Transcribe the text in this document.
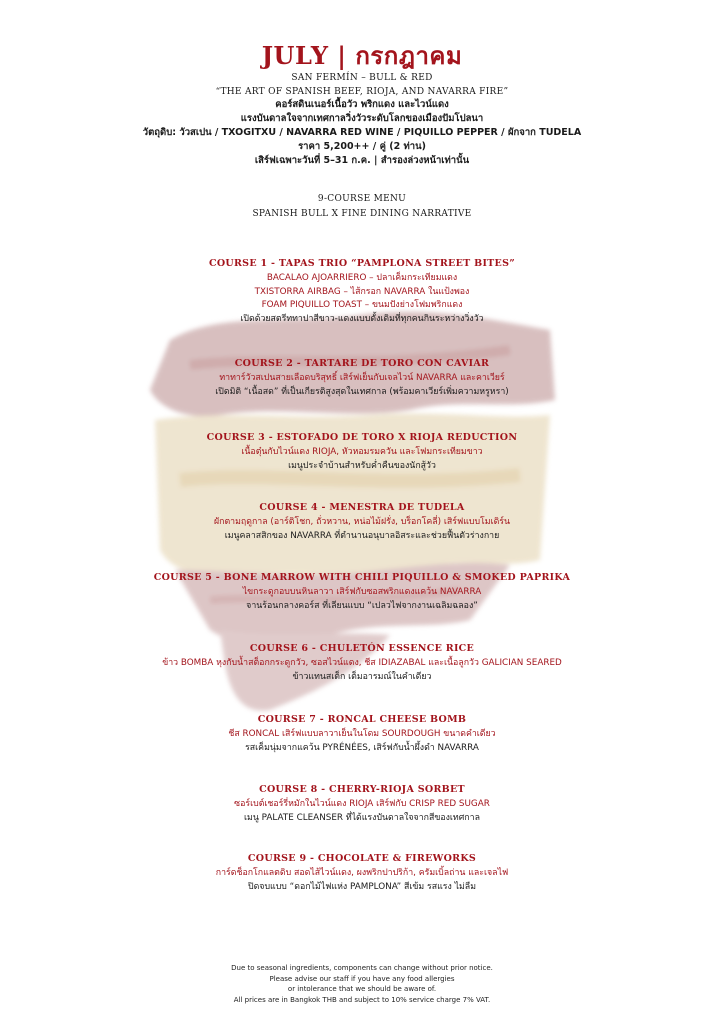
JULY | กรกฎาคม
SAN FERMÍN – BULL & RED
“THE ART OF SPANISH BEEF, RIOJA, AND NAVARRA FIRE”
คอร์สดินเนอร์เนื้อวัว พริกแดง และไวน์แดง
แรงบันดาลใจจากเทศกาลวิ่งวัวระดับโลกของเมืองปัมโปลนา
วัตถุดิบ: วัวสเปน / TXOGITXU / NAVARRA RED WINE / PIQUILLO PEPPER / ผักจาก TUDELA
ราคา 5,200++ / คู่ (2 ท่าน)
เสิร์ฟเฉพาะวันที่ 5–31 ก.ค. | สำรองล่วงหน้าเท่านั้น
9-COURSE MENU
SPANISH BULL X FINE DINING NARRATIVE
COURSE 1 - TAPAS TRIO “PAMPLONA STREET BITES”
BACALAO AJOARRIERO – ปลาเค็มกระเทียมแดง
TXISTORRA AIRBAG – ไส้กรอก NAVARRA ในแป้งพอง
FOAM PIQUILLO TOAST – ขนมปังย่างโฟมพริกแดง
เปิดด้วยสตรีททาปาสีขาว-แดงแบบดั้งเดิมที่ทุกคนกินระหว่างวิ่งวัว
COURSE 2 - TARTARE DE TORO CON CAVIAR
ทาทาร์วัวสเปนสายเลือดบริสุทธิ์ เสิร์ฟเย็นกับเจลไวน์ NAVARRA และคาเวียร์
เปิดมิติ “เนื้อสด” ที่เป็นเกียรติสูงสุดในเทศกาล (พร้อมคาเวียร์เพิ่มความหรูหรา)
COURSE 3 - ESTOFADO DE TORO X RIOJA REDUCTION
เนื้อตุ๋นกับไวน์แดง RIOJA, หัวหอมรมควัน และโฟมกระเทียมขาว
เมนูประจำบ้านสำหรับค่ำคืนของนักสู้วัว
COURSE 4 - MENESTRA DE TUDELA
ผักตามฤดูกาล (อาร์ติโชก, ถั่วหวาน, หน่อไม้ฝรั่ง, บร็อกโคลี่) เสิร์ฟแบบโมเดิร์น
เมนูคลาสสิกของ NAVARRA ที่ตำนานอนุบาลอิสระและช่วยฟื้นตัวร่างกาย
COURSE 5 - BONE MARROW WITH CHILI PIQUILLO & SMOKED PAPRIKA
ไขกระดูกอบบนหินลาวา เสิร์ฟกับซอสพริกแดงแคว้น NAVARRA
จานร้อนกลางคอร์ส ที่เลียนแบบ “เปลวไฟจากงานเฉลิมฉลอง”
COURSE 6 - CHULETÓN ESSENCE RICE
ข้าว BOMBA หุงกับน้ำสต็อกกระดูกวัว, ซอสไวน์แดง, ชีส IDIAZABAL และเนื้อลูกวัว GALICIAN SEARED
ข้าวแทนสเต็ก เต็มอารมณ์ในคำเดียว
COURSE 7 - RONCAL CHEESE BOMB
ชีส RONCAL เสิร์ฟแบบลาวาเย็นในโดม SOURDOUGH ขนาดคำเดียว
รสเค็มนุ่มจากแคว้น PYRÉNÉES, เสิร์ฟกับน้ำผึ้งดำ NAVARRA
COURSE 8 - CHERRY-RIOJA SORBET
ซอร์เบต์เชอร์รี่หมักในไวน์แดง RIOJA เสิร์ฟกับ CRISP RED SUGAR
เมนู PALATE CLEANSER ที่ได้แรงบันดาลใจจากสีของเทศกาล
COURSE 9 - CHOCOLATE & FIREWORKS
การ์ดช็อกโกแลตดิบ สอดไส้ไวน์แดง, ผงพริกปาปริก้า, ครัมเบิ้ลถ่าน และเจลไฟ
ปิดจบแบบ “ดอกไม้ไฟแห่ง PAMPLONA” สีเข้ม รสแรง ไม่ลืม
Due to seasonal ingredients, components can change without prior notice.
Please advise our staff if you have any food allergies
or intolerance that we should be aware of.
All prices are in Bangkok THB and subject to 10% service charge 7% VAT.
